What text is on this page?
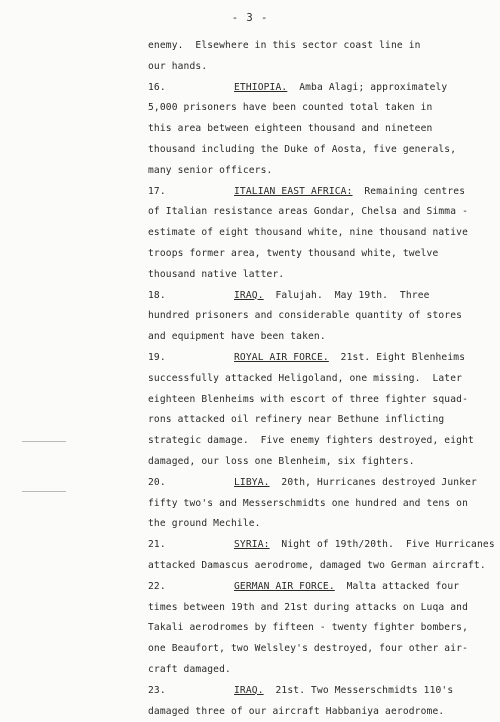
- 3 -
enemy.  Elsewhere in this sector coast line in
our hands.
16.	ETHIOPIA.  Amba Alagi; approximately
5,000 prisoners have been counted total taken in
this area between eighteen thousand and nineteen
thousand including the Duke of Aosta, five generals,
many senior officers.
17.	ITALIAN EAST AFRICA:  Remaining centres
of Italian resistance areas Gondar, Chelsa and Simma -
estimate of eight thousand white, nine thousand native
troops former area, twenty thousand white, twelve
thousand native latter.
18.	IRAQ.  Falujah.  May 19th.  Three
hundred prisoners and considerable quantity of stores
and equipment have been taken.
19.	ROYAL AIR FORCE.  21st. Eight Blenheims
successfully attacked Heligoland, one missing.  Later
eighteen Blenheims with escort of three fighter squad-
rons attacked oil refinery near Bethune inflicting
strategic damage.  Five enemy fighters destroyed, eight
damaged, our loss one Blenheim, six fighters.
20.	LIBYA.  20th, Hurricanes destroyed Junker
fifty two's and Messerschmidts one hundred and tens on
the ground Mechile.
21.	SYRIA:  Night of 19th/20th.  Five Hurricanes
attacked Damascus aerodrome, damaged two German aircraft.
22.	GERMAN AIR FORCE.  Malta attacked four
times between 19th and 21st during attacks on Luqa and
Takali aerodromes by fifteen - twenty fighter bombers,
one Beaufort, two Welsley's destroyed, four other air-
craft damaged.
23.	IRAQ.  21st. Two Messerschmidts 110's
damaged three of our aircraft Habbaniya aerodrome.
